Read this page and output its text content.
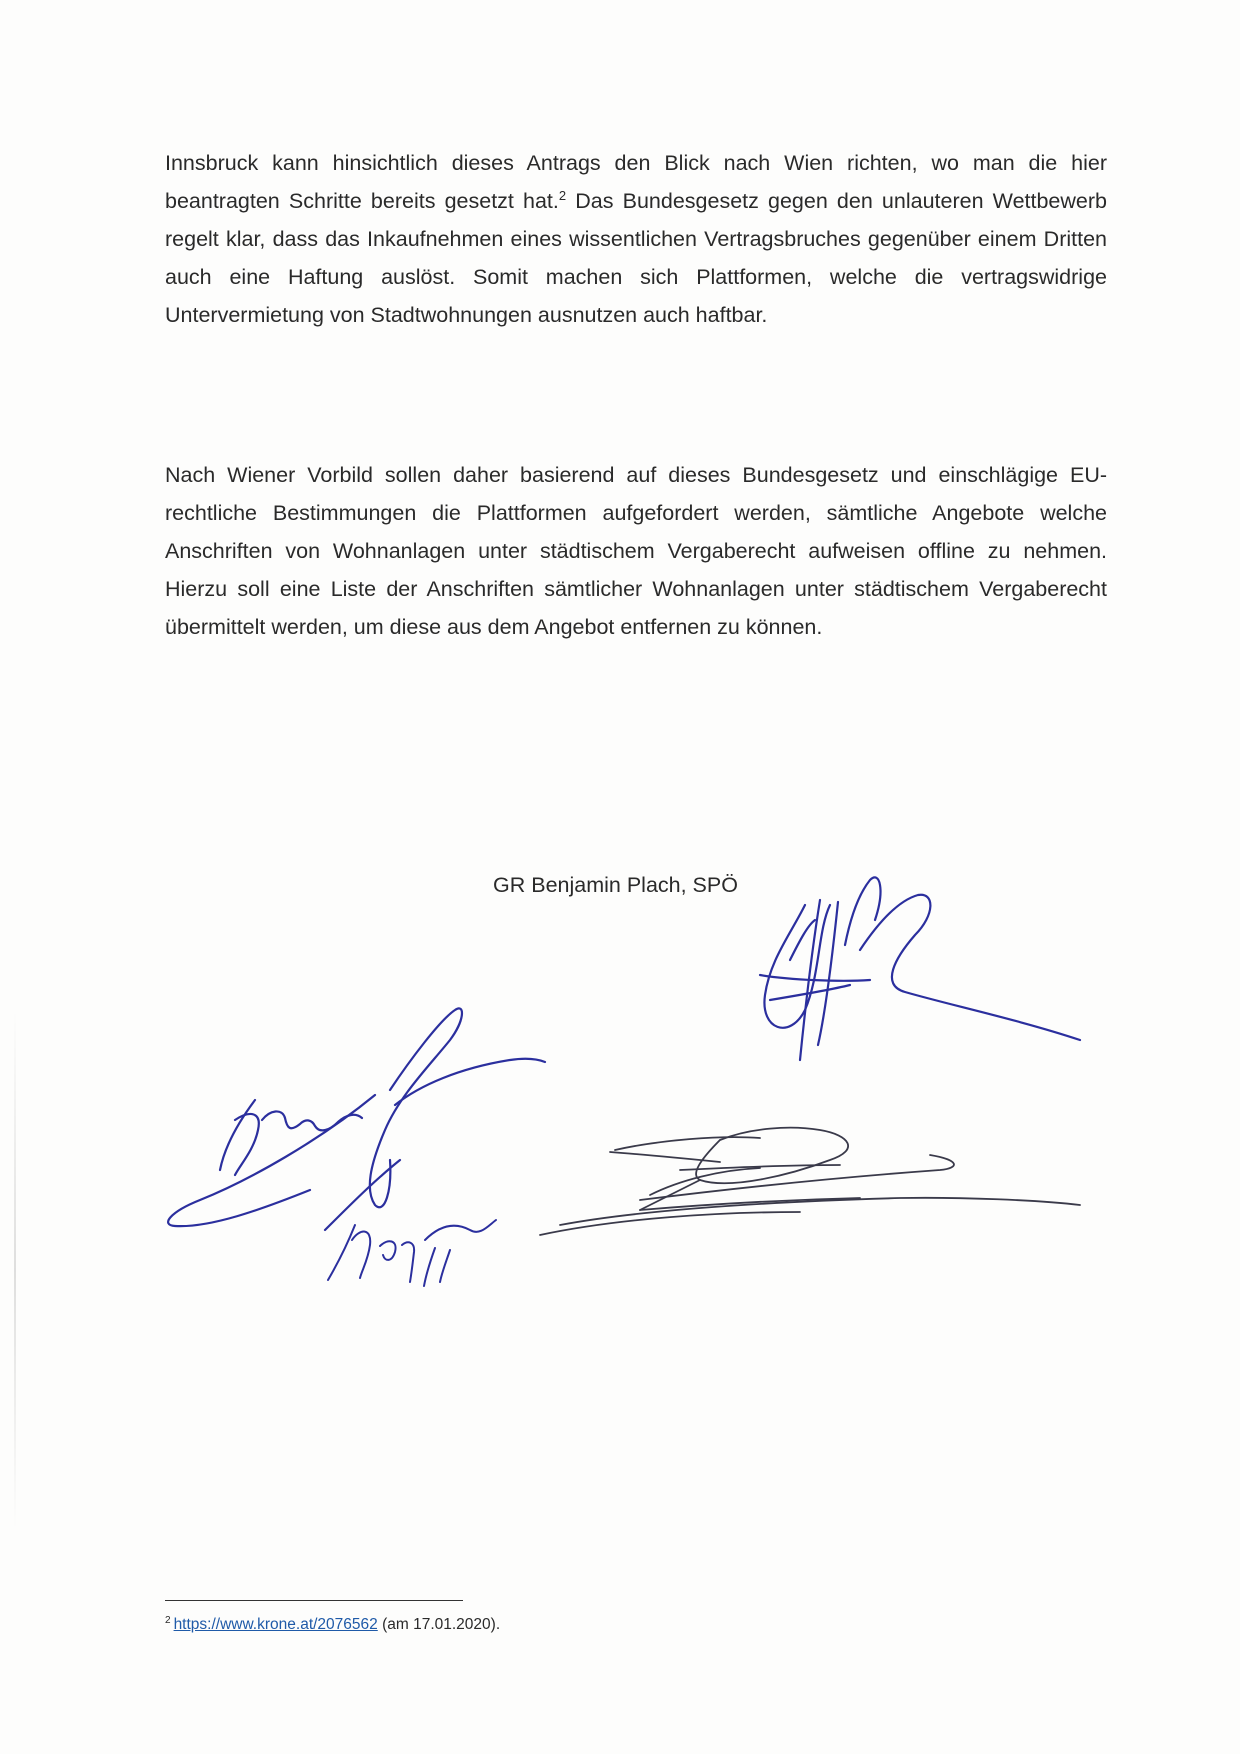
Innsbruck kann hinsichtlich dieses Antrags den Blick nach Wien richten, wo man die hier beantragten Schritte bereits gesetzt hat.$^2$ Das Bundesgesetz gegen den unlauteren Wettbewerb regelt klar, dass das Inkaufnehmen eines wissentlichen Vertragsbruches gegenüber einem Dritten auch eine Haftung auslöst. Somit machen sich Plattformen, welche die vertragswidrige Untervermietung von Stadtwohnungen ausnutzen auch haftbar.

Nach Wiener Vorbild sollen daher basierend auf dieses Bundesgesetz und einschlägige EU-rechtliche Bestimmungen die Plattformen aufgefordert werden, sämtliche Angebote welche Anschriften von Wohnanlagen unter städtischem Vergaberecht aufweisen offline zu nehmen. Hierzu soll eine Liste der Anschriften sämtlicher Wohnanlagen unter städtischem Vergaberecht übermittelt werden, um diese aus dem Angebot entfernen zu können.

GR Benjamin Plach, SPÖ
$^2$ https://www.krone.at/2076562 (am 17.01.2020).
